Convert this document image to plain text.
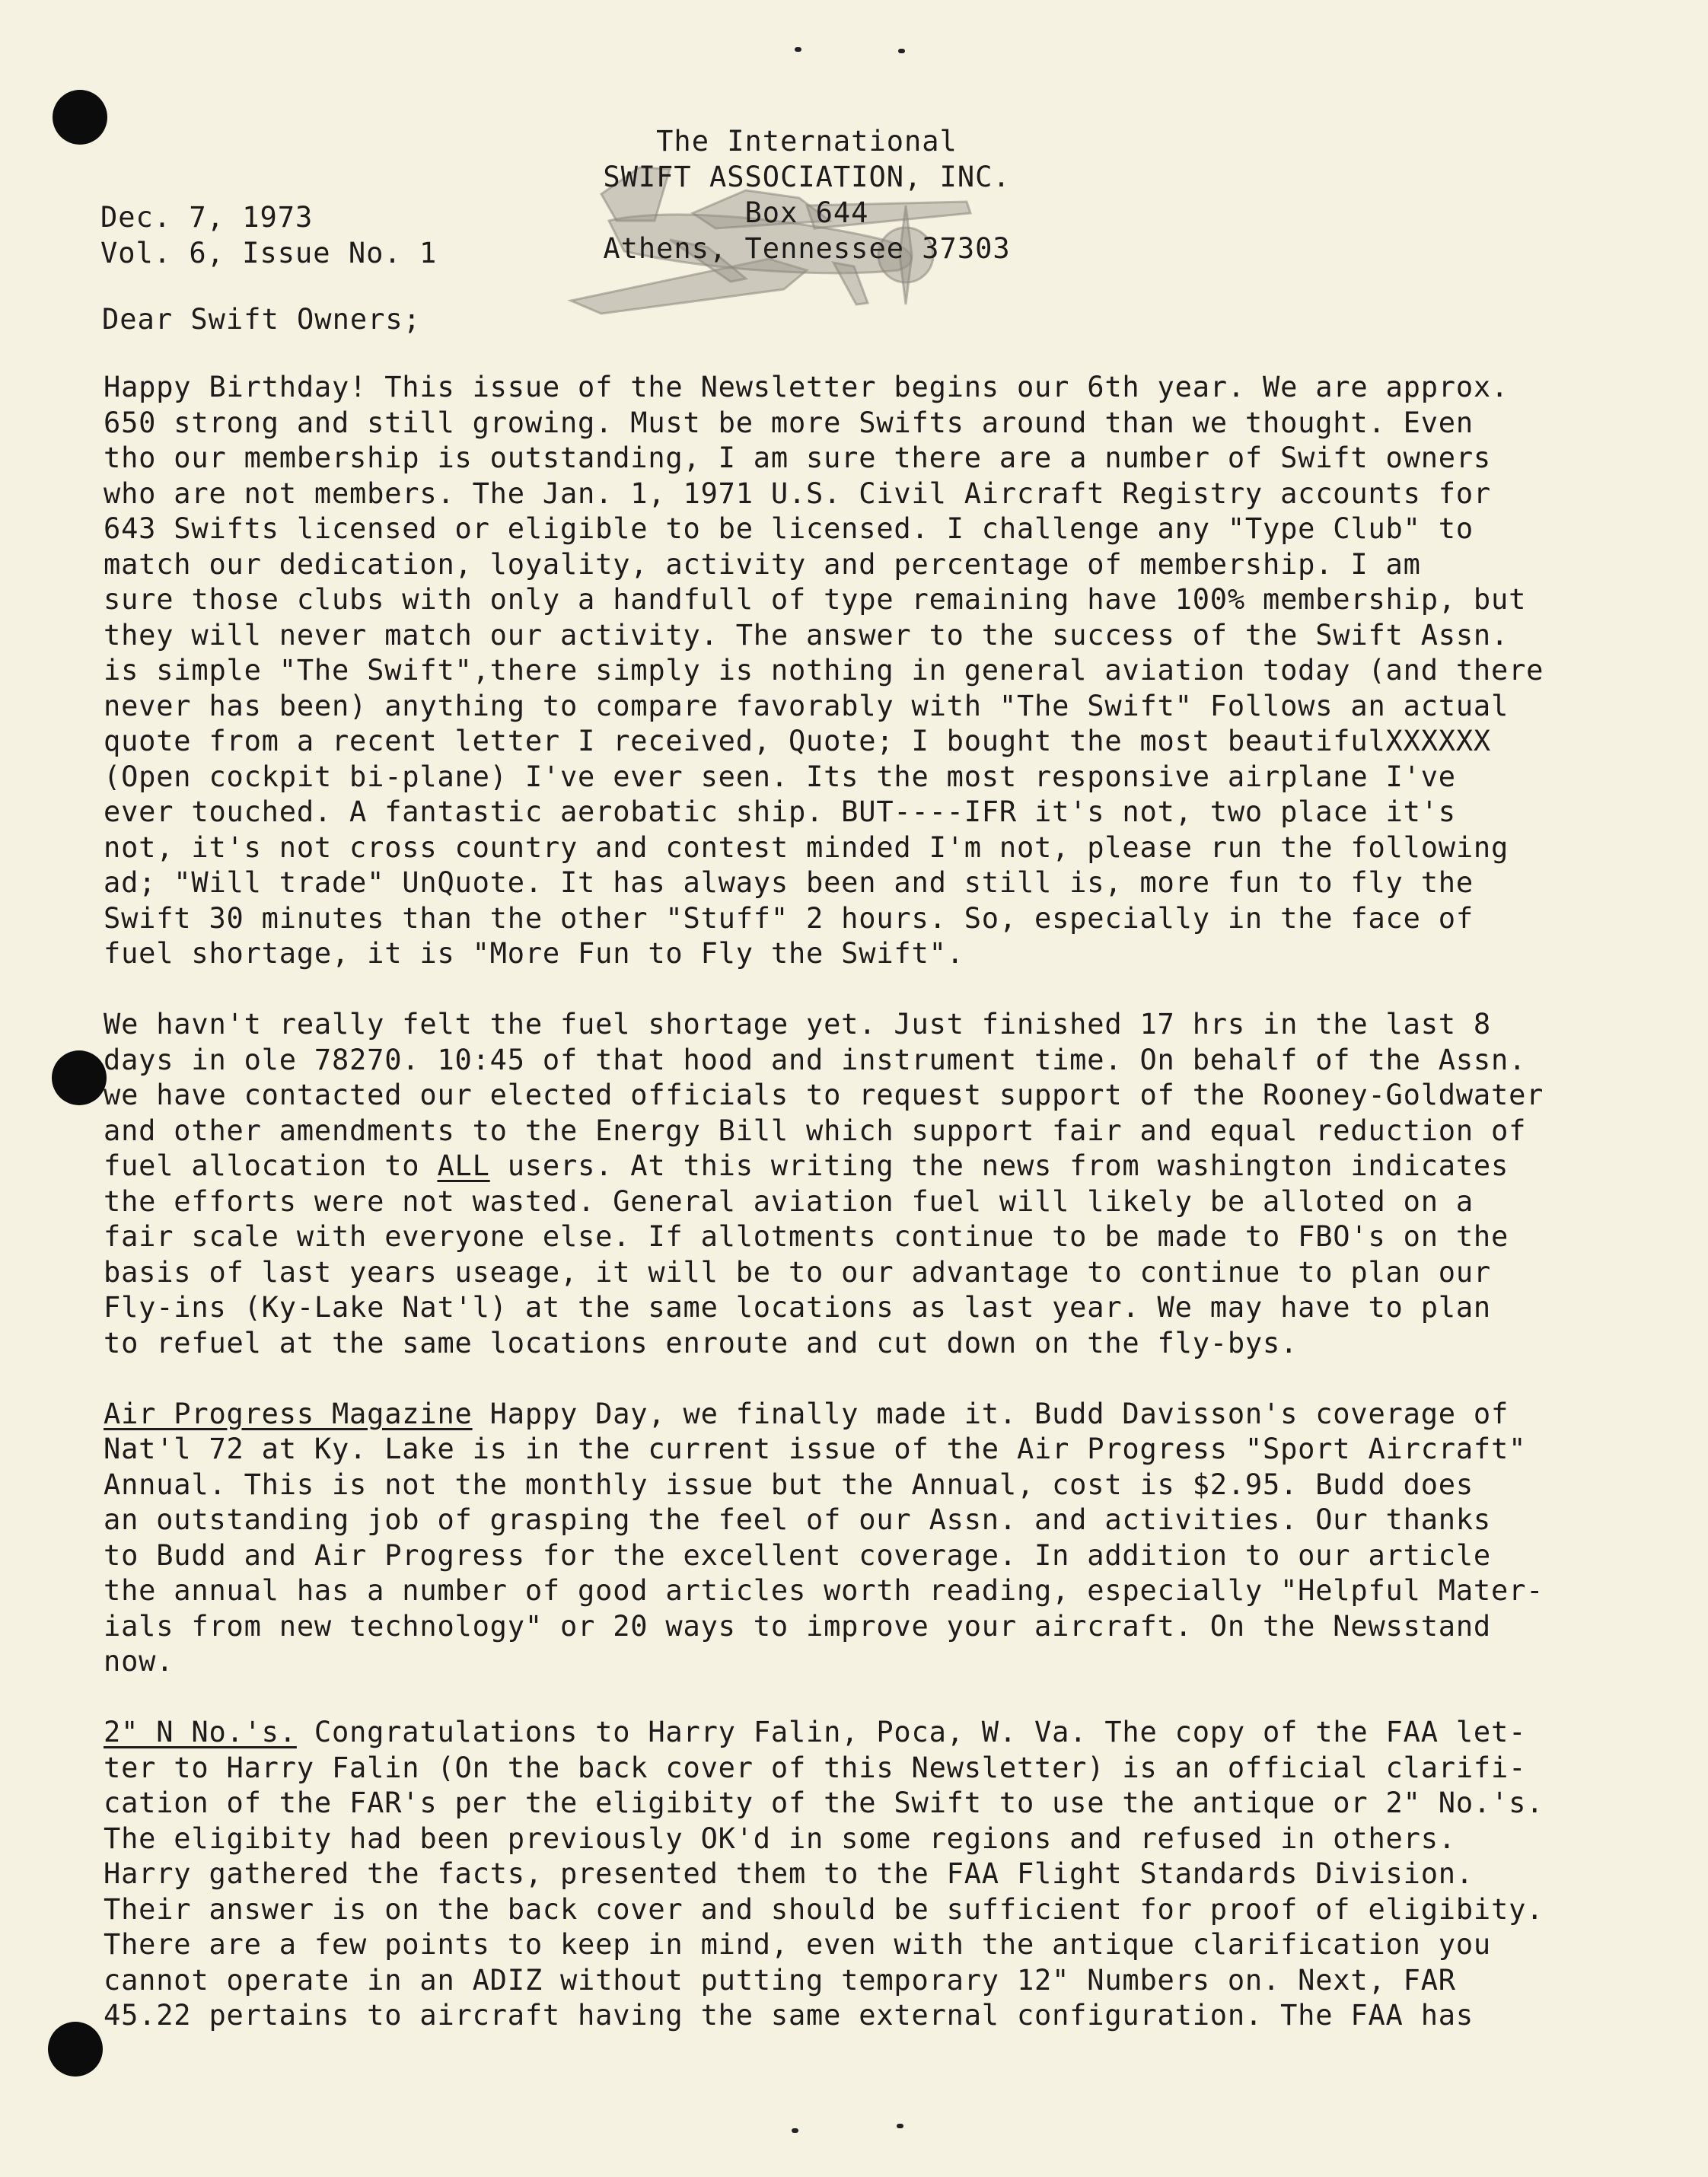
The International
SWIFT ASSOCIATION, INC.
Box 644
Athens, Tennessee 37303
Dec. 7, 1973
Vol. 6, Issue No. 1
Dear Swift Owners;
Happy Birthday! This issue of the Newsletter begins our 6th year. We are approx.
650 strong and still growing. Must be more Swifts around than we thought. Even
tho our membership is outstanding, I am sure there are a number of Swift owners
who are not members. The Jan. 1, 1971 U.S. Civil Aircraft Registry accounts for
643 Swifts licensed or eligible to be licensed. I challenge any "Type Club" to
match our dedication, loyality, activity and percentage of membership. I am
sure those clubs with only a handfull of type remaining have 100% membership, but
they will never match our activity. The answer to the success of the Swift Assn.
is simple "The Swift",there simply is nothing in general aviation today (and there
never has been) anything to compare favorably with "The Swift" Follows an actual
quote from a recent letter I received, Quote; I bought the most beautifulXXXXXX
(Open cockpit bi-plane) I've ever seen. Its the most responsive airplane I've
ever touched. A fantastic aerobatic ship. BUT----IFR it's not, two place it's
not, it's not cross country and contest minded I'm not, please run the following
ad; "Will trade" UnQuote. It has always been and still is, more fun to fly the
Swift 30 minutes than the other "Stuff" 2 hours. So, especially in the face of
fuel shortage, it is "More Fun to Fly the Swift".
We havn't really felt the fuel shortage yet. Just finished 17 hrs in the last 8
days in ole 78270. 10:45 of that hood and instrument time. On behalf of the Assn.
we have contacted our elected officials to request support of the Rooney-Goldwater
and other amendments to the Energy Bill which support fair and equal reduction of
fuel allocation to ALL users. At this writing the news from washington indicates
the efforts were not wasted. General aviation fuel will likely be alloted on a
fair scale with everyone else. If allotments continue to be made to FBO's on the
basis of last years useage, it will be to our advantage to continue to plan our
Fly-ins (Ky-Lake Nat'l) at the same locations as last year. We may have to plan
to refuel at the same locations enroute and cut down on the fly-bys.
Air Progress Magazine Happy Day, we finally made it. Budd Davisson's coverage of
Nat'l 72 at Ky. Lake is in the current issue of the Air Progress "Sport Aircraft"
Annual. This is not the monthly issue but the Annual, cost is $2.95. Budd does
an outstanding job of grasping the feel of our Assn. and activities. Our thanks
to Budd and Air Progress for the excellent coverage. In addition to our article
the annual has a number of good articles worth reading, especially "Helpful Mater-
ials from new technology" or 20 ways to improve your aircraft. On the Newsstand
now.
2" N No.'s. Congratulations to Harry Falin, Poca, W. Va. The copy of the FAA let-
ter to Harry Falin (On the back cover of this Newsletter) is an official clarifi-
cation of the FAR's per the eligibity of the Swift to use the antique or 2" No.'s.
The eligibity had been previously OK'd in some regions and refused in others.
Harry gathered the facts, presented them to the FAA Flight Standards Division.
Their answer is on the back cover and should be sufficient for proof of eligibity.
There are a few points to keep in mind, even with the antique clarification you
cannot operate in an ADIZ without putting temporary 12" Numbers on. Next, FAR
45.22 pertains to aircraft having the same external configuration. The FAA has
